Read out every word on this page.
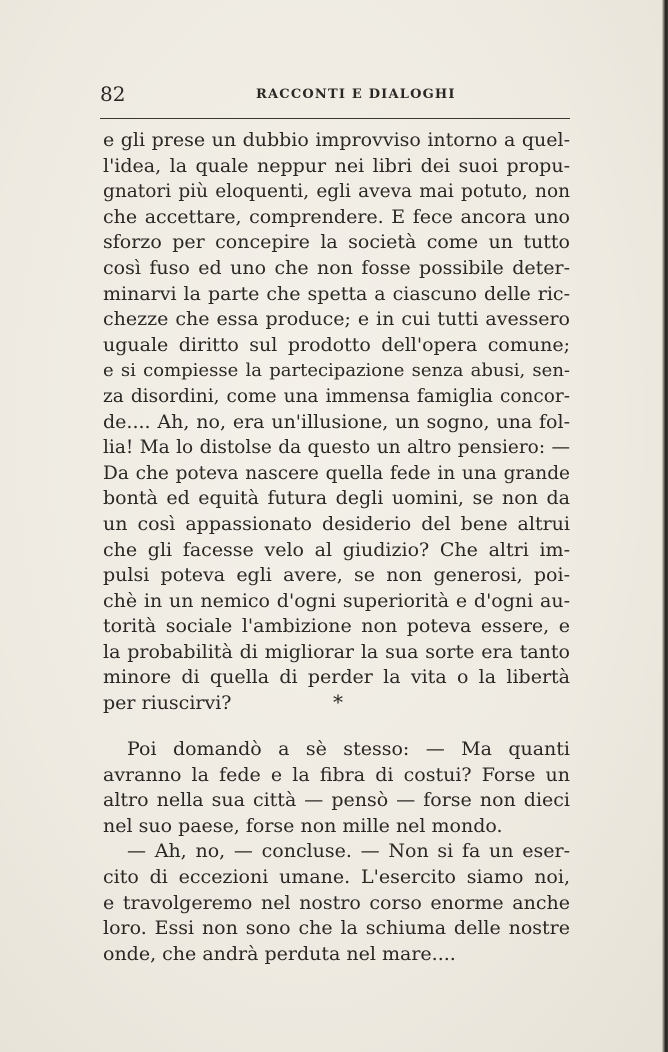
82	RACCONTI E DIALOGHI
e gli prese un dubbio improvviso intorno a quel-
l'idea, la quale neppur nei libri dei suoi propu-
gnatori più eloquenti, egli aveva mai potuto, non
che accettare, comprendere. E fece ancora uno
sforzo per concepire la società come un tutto
così fuso ed uno che non fosse possibile deter-
minarvi la parte che spetta a ciascuno delle ric-
chezze che essa produce; e in cui tutti avessero
uguale diritto sul prodotto dell'opera comune;
e si compiesse la partecipazione senza abusi, sen-
za disordini, come una immensa famiglia concor-
de.... Ah, no, era un'illusione, un sogno, una fol-
lia! Ma lo distolse da questo un altro pensiero: —
Da che poteva nascere quella fede in una grande
bontà ed equità futura degli uomini, se non da
un così appassionato desiderio del bene altrui
che gli facesse velo al giudizio? Che altri im-
pulsi poteva egli avere, se non generosi, poi-
chè in un nemico d'ogni superiorità e d'ogni au-
torità sociale l'ambizione non poteva essere, e
la probabilità di migliorar la sua sorte era tanto
minore di quella di perder la vita o la libertà
per riuscirvi?	*
Poi domandò a sè stesso: — Ma quanti
avranno la fede e la fibra di costui? Forse un
altro nella sua città — pensò — forse non dieci
nel suo paese, forse non mille nel mondo.
— Ah, no, — concluse. — Non si fa un eser-
cito di eccezioni umane. L'esercito siamo noi,
e travolgeremo nel nostro corso enorme anche
loro. Essi non sono che la schiuma delle nostre
onde, che andrà perduta nel mare....
